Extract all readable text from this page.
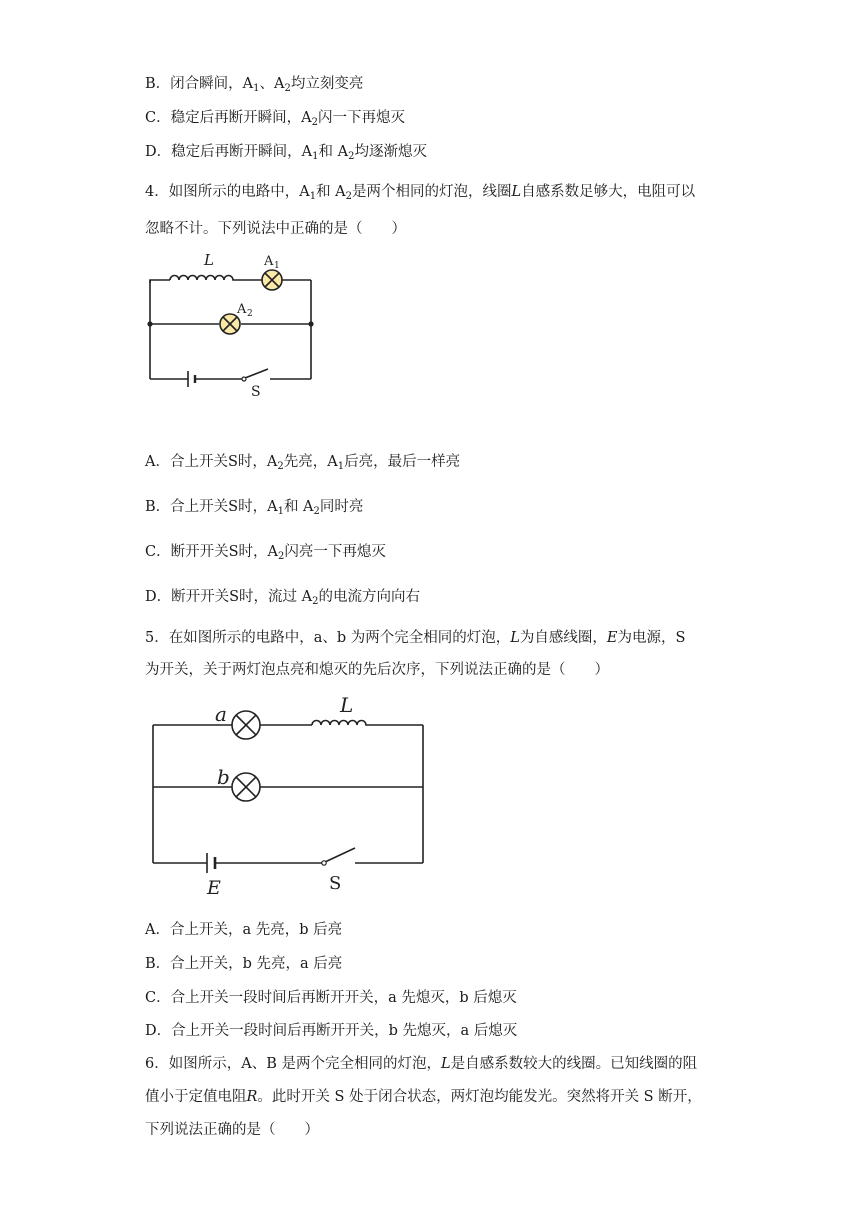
B．闭合瞬间，$A_1$、$A_2$均立刻变亮
C．稳定后再断开瞬间，$A_2$闪一下再熄灭
D．稳定后再断开瞬间，$A_1$和 $A_2$均逐渐熄灭
4．如图所示的电路中，$A_1$和 $A_2$是两个相同的灯泡，线圈L自感系数足够大，电阻可以
忽略不计。下列说法中正确的是（　　）
L	A 1
A 2
S
A．合上开关S时，$A_2$先亮，$A_1$后亮，最后一样亮
B．合上开关S时，$A_1$和 $A_2$同时亮
C．断开开关S时，$A_2$闪亮一下再熄灭
D．断开开关S时，流过 $A_2$的电流方向向右
5．在如图所示的电路中，a、b 为两个完全相同的灯泡，L为自感线圈，E为电源，S
为开关，关于两灯泡点亮和熄灭的先后次序，下列说法正确的是（　　）
a
b
L
E	S
A．合上开关，a 先亮，b 后亮
B．合上开关，b 先亮，a 后亮
C．合上开关一段时间后再断开开关，a 先熄灭，b 后熄灭
D．合上开关一段时间后再断开开关，b 先熄灭，a 后熄灭
6．如图所示，A、B 是两个完全相同的灯泡，L是自感系数较大的线圈。已知线圈的阻
值小于定值电阻R。此时开关 S 处于闭合状态，两灯泡均能发光。突然将开关 S 断开，
下列说法正确的是（　　）
